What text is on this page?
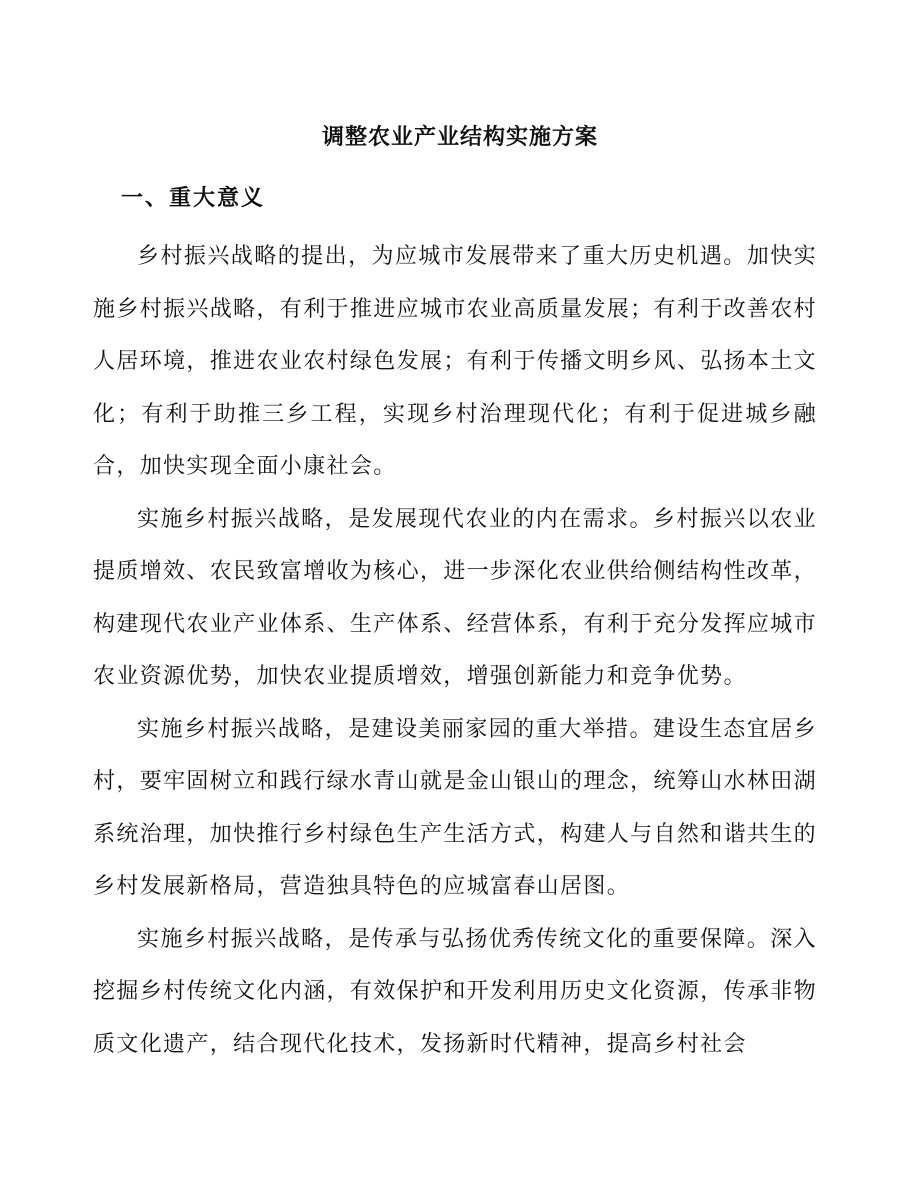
调整农业产业结构实施方案
一、重大意义

乡村振兴战略的提出，为应城市发展带来了重大历史机遇。加快实施乡村振兴战略，有利于推进应城市农业高质量发展；有利于改善农村人居环境，推进农业农村绿色发展；有利于传播文明乡风、弘扬本土文化；有利于助推三乡工程，实现乡村治理现代化；有利于促进城乡融合，加快实现全面小康社会。

实施乡村振兴战略，是发展现代农业的内在需求。乡村振兴以农业提质增效、农民致富增收为核心，进一步深化农业供给侧结构性改革，构建现代农业产业体系、生产体系、经营体系，有利于充分发挥应城市农业资源优势，加快农业提质增效，增强创新能力和竞争优势。

实施乡村振兴战略，是建设美丽家园的重大举措。建设生态宜居乡村，要牢固树立和践行绿水青山就是金山银山的理念，统筹山水林田湖系统治理，加快推行乡村绿色生产生活方式，构建人与自然和谐共生的乡村发展新格局，营造独具特色的应城富春山居图。

实施乡村振兴战略，是传承与弘扬优秀传统文化的重要保障。深入挖掘乡村传统文化内涵，有效保护和开发利用历史文化资源，传承非物质文化遗产，结合现代化技术，发扬新时代精神，提高乡村社会
